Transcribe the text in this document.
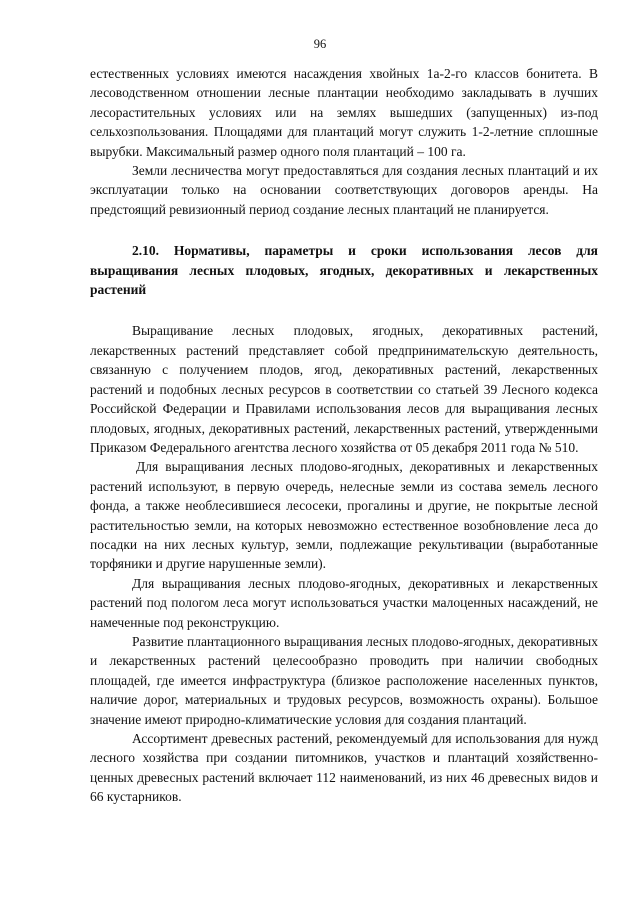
96

естественных условиях имеются насаждения хвойных 1а-2-го классов бонитета. В лесоводственном отношении лесные плантации необходимо закладывать в лучших лесорастительных условиях или на землях вышедших (запущенных) из-под сельхозпользования. Площадями для плантаций могут служить 1-2-летние сплошные вырубки. Максимальный размер одного поля плантаций – 100 га.

Земли лесничества могут предоставляться для создания лесных плантаций и их эксплуатации только на основании соответствующих договоров аренды. На предстоящий ревизионный период создание лесных плантаций не планируется.

2.10. Нормативы, параметры и сроки использования лесов для выращивания лесных плодовых, ягодных, декоративных и лекарственных растений

Выращивание лесных плодовых, ягодных, декоративных растений, лекарственных растений представляет собой предпринимательскую деятельность, связанную с получением плодов, ягод, декоративных растений, лекарственных растений и подобных лесных ресурсов в соответствии со статьей 39 Лесного кодекса Российской Федерации и Правилами использования лесов для выращивания лесных плодовых, ягодных, декоративных растений, лекарственных растений, утвержденными Приказом Федерального агентства лесного хозяйства от 05 декабря 2011 года № 510.

Для выращивания лесных плодово-ягодных, декоративных и лекарственных растений используют, в первую очередь, нелесные земли из состава земель лесного фонда, а также необлесившиеся лесосеки, прогалины и другие, не покрытые лесной растительностью земли, на которых невозможно естественное возобновление леса до посадки на них лесных культур, земли, подлежащие рекультивации (выработанные торфяники и другие нарушенные земли).

Для выращивания лесных плодово-ягодных, декоративных и лекарственных растений под пологом леса могут использоваться участки малоценных насаждений, не намеченные под реконструкцию.

Развитие плантационного выращивания лесных плодово-ягодных, декоративных и лекарственных растений целесообразно проводить при наличии свободных площадей, где имеется инфраструктура (близкое расположение населенных пунктов, наличие дорог, материальных и трудовых ресурсов, возможность охраны). Большое значение имеют природно-климатические условия для создания плантаций.

Ассортимент древесных растений, рекомендуемый для использования для нужд лесного хозяйства при создании питомников, участков и плантаций хозяйственно-ценных древесных растений включает 112 наименований, из них 46 древесных видов и 66 кустарников.
